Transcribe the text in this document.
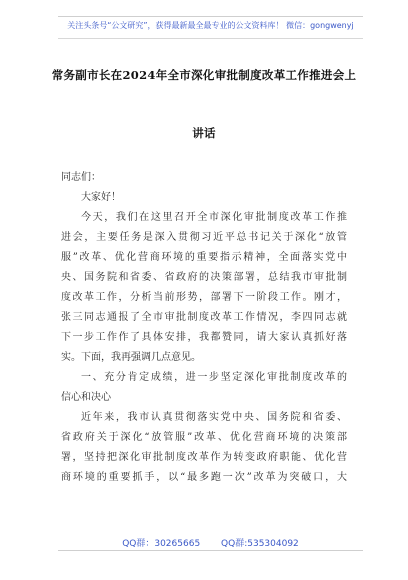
关注头条号“公文研究”，获得最新最全最专业的公文资料库！ 微信：gongwenyj
常务副市长在2024年全市深化审批制度改革工作推进会上
讲话
同志们：
大家好！
今天，我们在这里召开全市深化审批制度改革工作推
进会，主要任务是深入贯彻习近平总书记关于深化“放管
服”改革、优化营商环境的重要指示精神，全面落实党中
央、国务院和省委、省政府的决策部署，总结我市审批制
度改革工作，分析当前形势，部署下一阶段工作。刚才，
张三同志通报了全市审批制度改革工作情况，李四同志就
下一步工作作了具体安排，我都赞同，请大家认真抓好落
实。下面，我再强调几点意见。
一、充分肯定成绩，进一步坚定深化审批制度改革的
信心和决心
近年来，我市认真贯彻落实党中央、国务院和省委、
省政府关于深化“放管服”改革、优化营商环境的决策部
署，坚持把深化审批制度改革作为转变政府职能、优化营
商环境的重要抓手，以“最多跑一次”改革为突破口，大
QQ群：30265665 QQ群:535304092
